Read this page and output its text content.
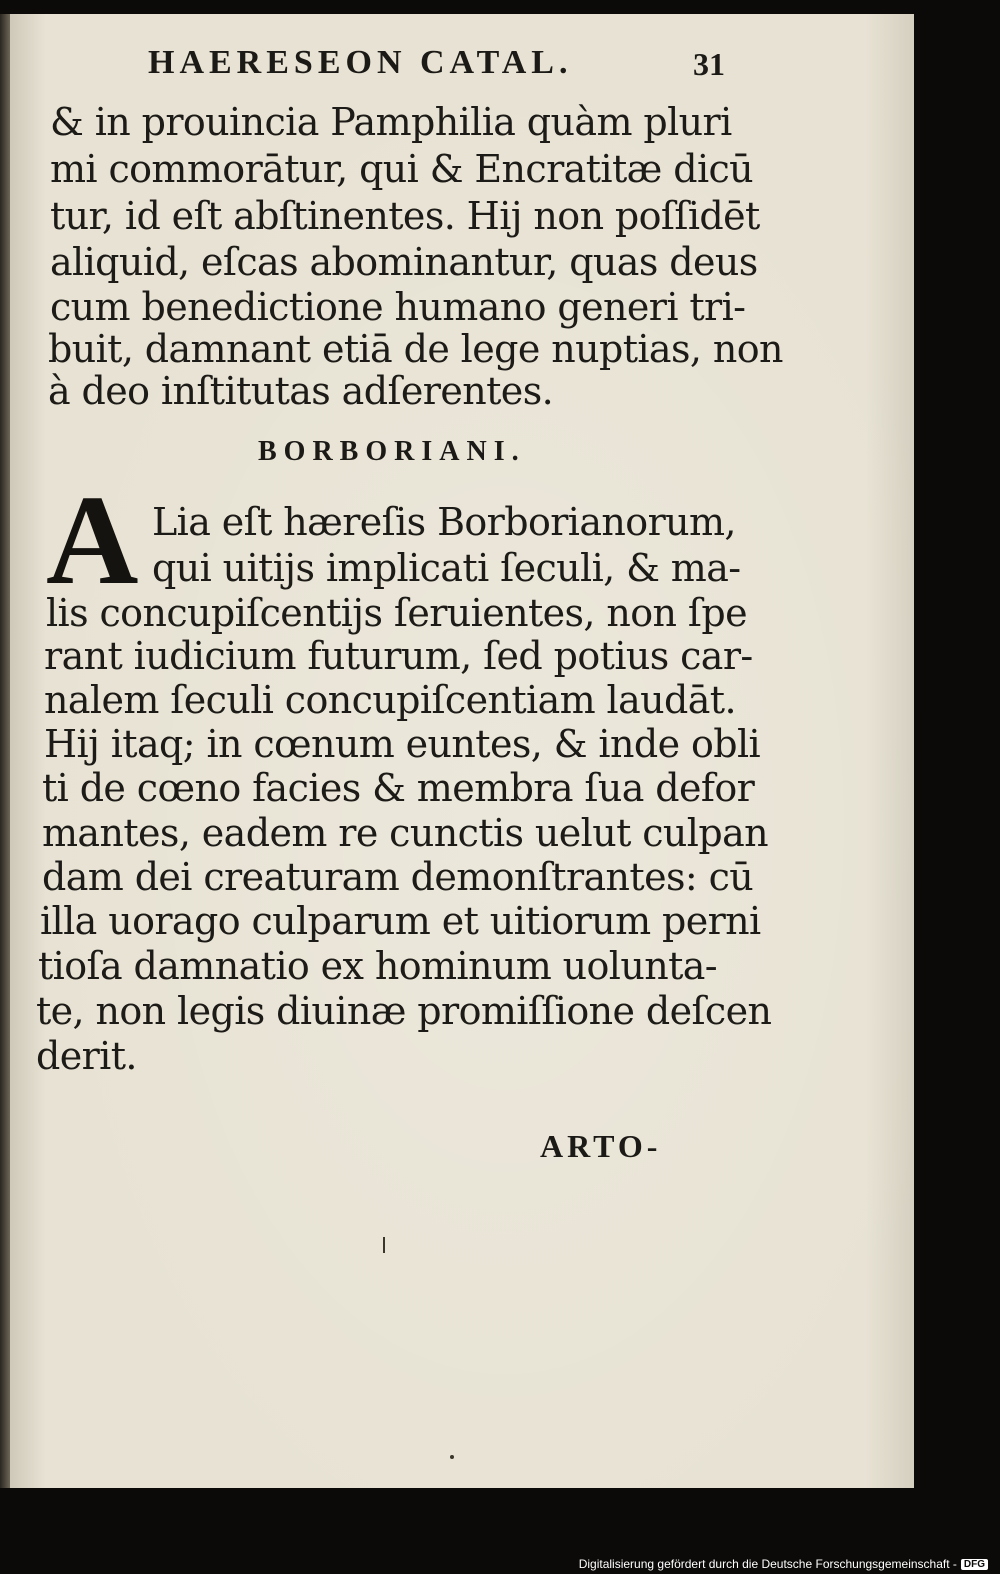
HAERESEON CATAL.	31
& in prouincia Pamphilia quàm pluri
mi commorātur, qui & Encratitæ dicū
tur, id eſt abſtinentes. Hij non poſſidēt
aliquid, eſcas abominantur, quas deus
cum benedictione humano generi tri-
buit, damnant etiā de lege nuptias, non
à deo inſtitutas adſerentes.
BORBORIANI.
A Lia eſt hæreſis Borborianorum,
qui uitijs implicati ſeculi, & ma-
lis concupiſcentijs ſeruientes, non ſpe
rant iudicium futurum, ſed potius car-
nalem ſeculi concupiſcentiam laudāt.
Hij itaq; in cœnum euntes, & inde obli
ti de cœno facies & membra ſua defor
mantes, eadem re cunctis uelut culpan
dam dei creaturam demonſtrantes: cū
illa uorago culparum et uitiorum perni
tioſa damnatio ex hominum uolunta-
te, non legis diuinæ promiſſione deſcen
derit.
ARTO-
Digitalisierung gefördert durch die Deutsche Forschungsgemeinschaft - DFG
